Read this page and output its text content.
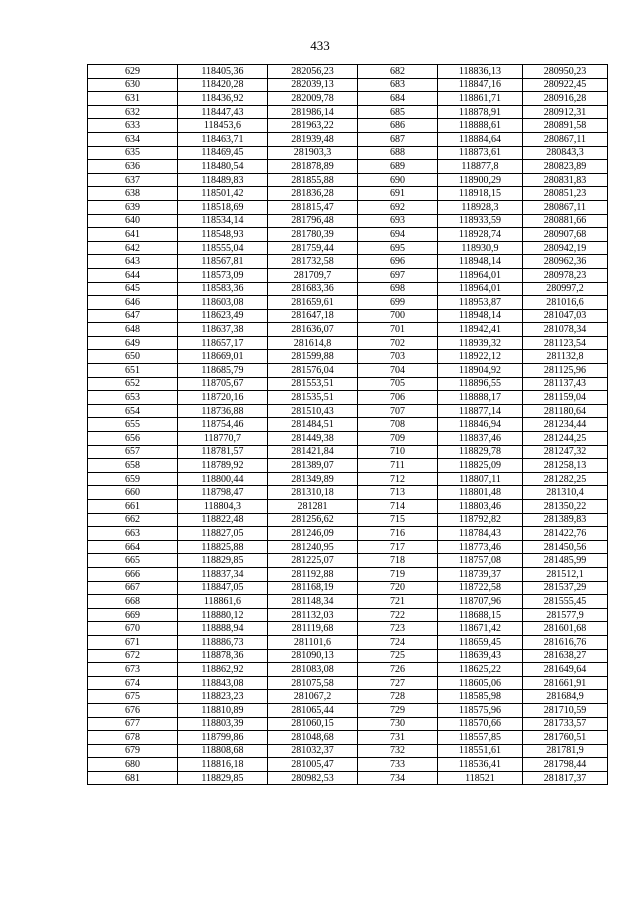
433
629	118405,36	282056,23	682	118836,13	280950,23
630	118420,28	282039,13	683	118847,16	280922,45
631	118436,92	282009,78	684	118861,71	280916,28
632	118447,43	281986,14	685	118878,91	280912,31
633	118453,6	281963,22	686	118888,61	280891,58
634	118463,71	281939,48	687	118884,64	280867,11
635	118469,45	281903,3	688	118873,61	280843,3
636	118480,54	281878,89	689	118877,8	280823,89
637	118489,83	281855,88	690	118900,29	280831,83
638	118501,42	281836,28	691	118918,15	280851,23
639	118518,69	281815,47	692	118928,3	280867,11
640	118534,14	281796,48	693	118933,59	280881,66
641	118548,93	281780,39	694	118928,74	280907,68
642	118555,04	281759,44	695	118930,9	280942,19
643	118567,81	281732,58	696	118948,14	280962,36
644	118573,09	281709,7	697	118964,01	280978,23
645	118583,36	281683,36	698	118964,01	280997,2
646	118603,08	281659,61	699	118953,87	281016,6
647	118623,49	281647,18	700	118948,14	281047,03
648	118637,38	281636,07	701	118942,41	281078,34
649	118657,17	281614,8	702	118939,32	281123,54
650	118669,01	281599,88	703	118922,12	281132,8
651	118685,79	281576,04	704	118904,92	281125,96
652	118705,67	281553,51	705	118896,55	281137,43
653	118720,16	281535,51	706	118888,17	281159,04
654	118736,88	281510,43	707	118877,14	281180,64
655	118754,46	281484,51	708	118846,94	281234,44
656	118770,7	281449,38	709	118837,46	281244,25
657	118781,57	281421,84	710	118829,78	281247,32
658	118789,92	281389,07	711	118825,09	281258,13
659	118800,44	281349,89	712	118807,11	281282,25
660	118798,47	281310,18	713	118801,48	281310,4
661	118804,3	281281	714	118803,46	281350,22
662	118822,48	281256,62	715	118792,82	281389,83
663	118827,05	281246,09	716	118784,43	281422,76
664	118825,88	281240,95	717	118773,46	281450,56
665	118829,85	281225,07	718	118757,08	281485,99
666	118837,34	281192,88	719	118739,37	281512,1
667	118847,05	281168,19	720	118722,58	281537,29
668	118861,6	281148,34	721	118707,96	281555,45
669	118880,12	281132,03	722	118688,15	281577,9
670	118888,94	281119,68	723	118671,42	281601,68
671	118886,73	281101,6	724	118659,45	281616,76
672	118878,36	281090,13	725	118639,43	281638,27
673	118862,92	281083,08	726	118625,22	281649,64
674	118843,08	281075,58	727	118605,06	281661,91
675	118823,23	281067,2	728	118585,98	281684,9
676	118810,89	281065,44	729	118575,96	281710,59
677	118803,39	281060,15	730	118570,66	281733,57
678	118799,86	281048,68	731	118557,85	281760,51
679	118808,68	281032,37	732	118551,61	281781,9
680	118816,18	281005,47	733	118536,41	281798,44
681	118829,85	280982,53	734	118521	281817,37
